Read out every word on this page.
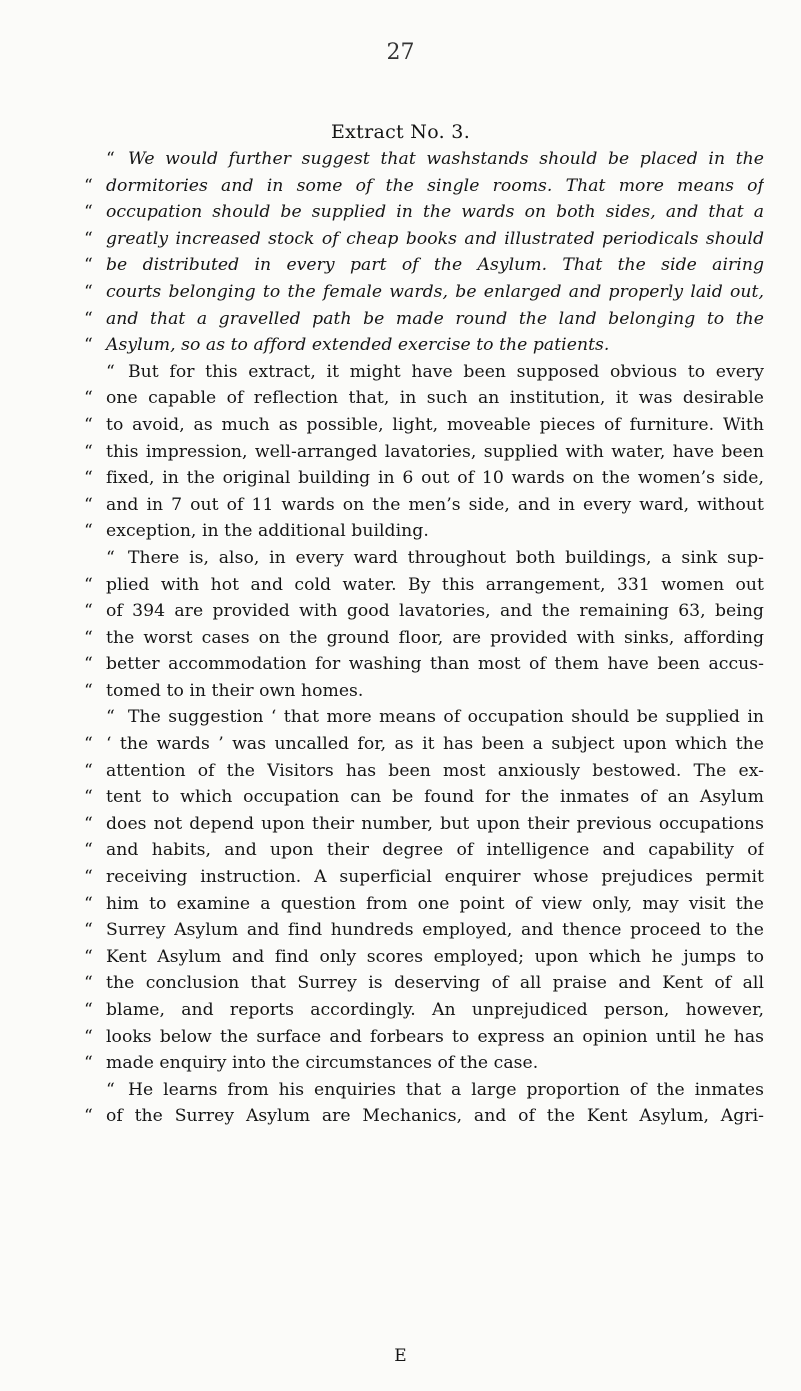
27
Extract No. 3.
“ We would further suggest that washstands should be placed in the
“ dormitories and in some of the single rooms. That more means of
“ occupation should be supplied in the wards on both sides, and that a
“ greatly increased stock of cheap books and illustrated periodicals should
“ be distributed in every part of the Asylum. That the side airing
“ courts belonging to the female wards, be enlarged and properly laid out,
“ and that a gravelled path be made round the land belonging to the
“ Asylum, so as to afford extended exercise to the patients.
“ But for this extract, it might have been supposed obvious to every
“ one capable of reflection that, in such an institution, it was desirable
“ to avoid, as much as possible, light, moveable pieces of furniture. With
“ this impression, well-arranged lavatories, supplied with water, have been
“ fixed, in the original building in 6 out of 10 wards on the women’s side,
“ and in 7 out of 11 wards on the men’s side, and in every ward, without
“ exception, in the additional building.
“ There is, also, in every ward throughout both buildings, a sink sup-
“ plied with hot and cold water. By this arrangement, 331 women out
“ of 394 are provided with good lavatories, and the remaining 63, being
“ the worst cases on the ground floor, are provided with sinks, affording
“ better accommodation for washing than most of them have been accus-
“ tomed to in their own homes.
“ The suggestion ‘ that more means of occupation should be supplied in
“ ‘ the wards ’ was uncalled for, as it has been a subject upon which the
“ attention of the Visitors has been most anxiously bestowed. The ex-
“ tent to which occupation can be found for the inmates of an Asylum
“ does not depend upon their number, but upon their previous occupations
“ and habits, and upon their degree of intelligence and capability of
“ receiving instruction. A superficial enquirer whose prejudices permit
“ him to examine a question from one point of view only, may visit the
“ Surrey Asylum and find hundreds employed, and thence proceed to the
“ Kent Asylum and find only scores employed; upon which he jumps to
“ the conclusion that Surrey is deserving of all praise and Kent of all
“ blame, and reports accordingly. An unprejudiced person, however,
“ looks below the surface and forbears to express an opinion until he has
“ made enquiry into the circumstances of the case.
“ He learns from his enquiries that a large proportion of the inmates
“ of the Surrey Asylum are Mechanics, and of the Kent Asylum, Agri-
E
